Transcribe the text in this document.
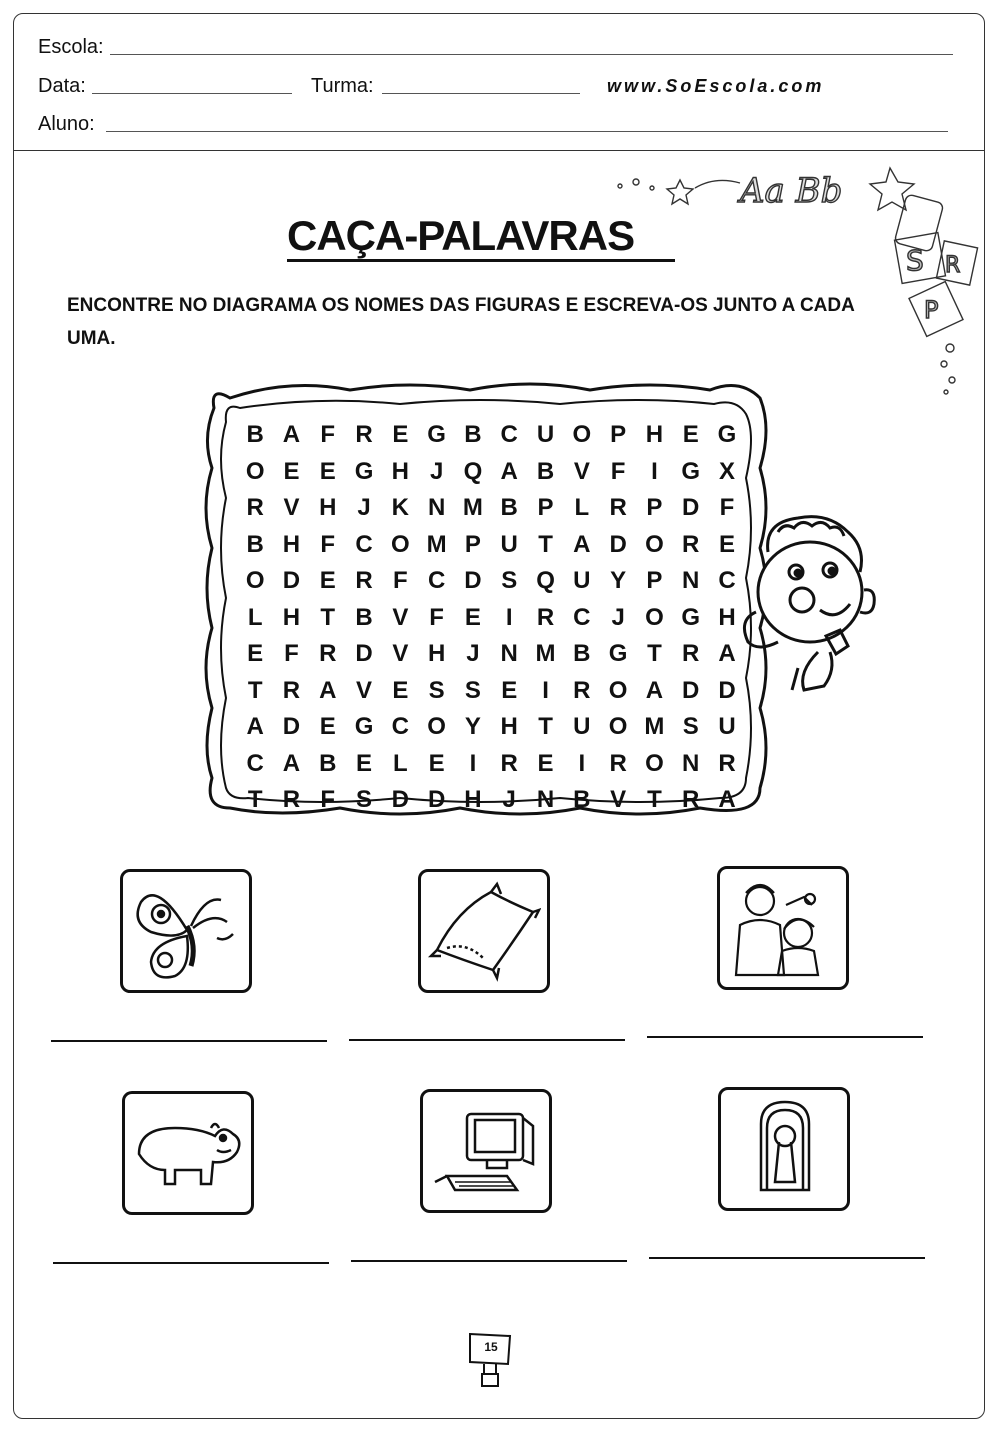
Escola:
Data:	Turma:	www.SoEscola.com
Aluno:
Aa Bb
S R
P
CAÇA-PALAVRAS
ENCONTRE NO DIAGRAMA OS NOMES DAS FIGURAS E ESCREVA-OS JUNTO A CADA UMA.
B A F R E G B C U O P H E G
O E E G H J Q A B V F	I G X
R V H J K N M B P L R P D F
B H F C O M P U T A D O R E
O D E R F C D S Q U Y P N C
L H T B V F E	I	R C J O G H
E F R D V H J N M B G T R A
T R A V E S S E	I	R O A D D
A D E G C O Y H T U O M S U
C A B E L E	I	R E	I	R O N R
T R F S D D H J N B V T R A
15
